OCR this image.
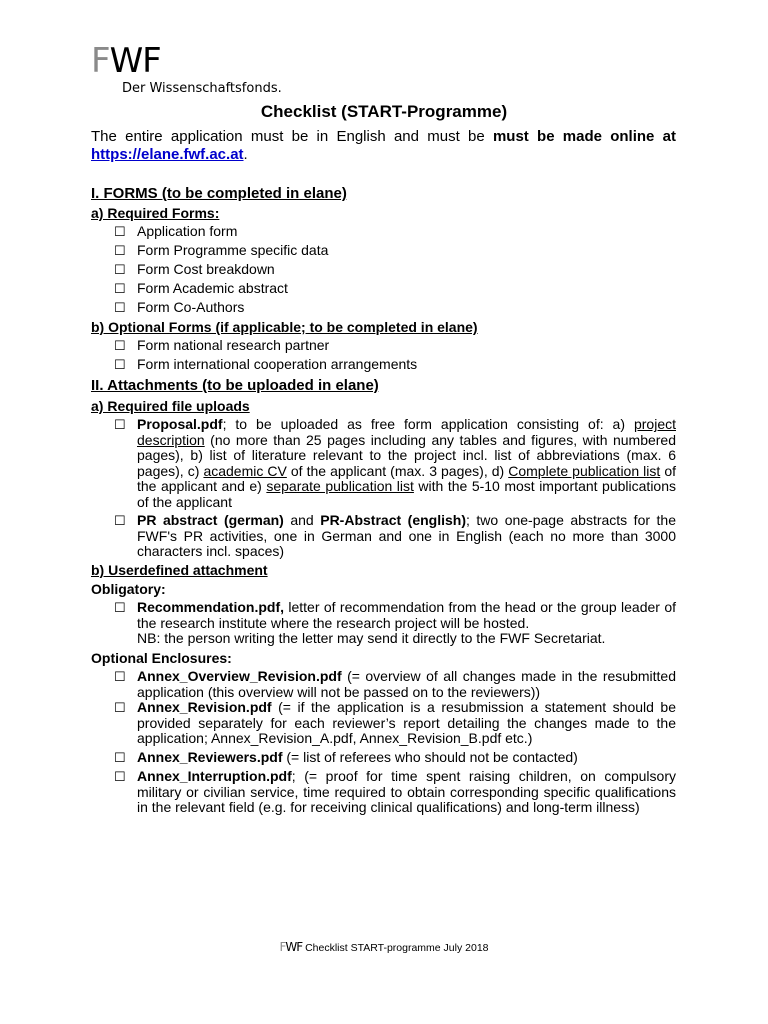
FWF
Der Wissenschaftsfonds.
Checklist (START-Programme)
The entire application must be in English and must be must be made online at https://elane.fwf.ac.at.
I. FORMS (to be completed in elane)
a) Required Forms:
☐ Application form
☐ Form Programme specific data
☐ Form Cost breakdown
☐ Form Academic abstract
☐ Form Co-Authors
b) Optional Forms (if applicable; to be completed in elane)
☐ Form national research partner
☐ Form international cooperation arrangements
II. Attachments (to be uploaded in elane)
a) Required file uploads
☐ Proposal.pdf; to be uploaded as free form application consisting of: a) project description (no more than 25 pages including any tables and figures, with numbered pages), b) list of literature relevant to the project incl. list of abbreviations (max. 6 pages), c) academic CV of the applicant (max. 3 pages), d) Complete publication list of the applicant and e) separate publication list with the 5-10 most important publications of the applicant
☐ PR abstract (german) and PR-Abstract (english); two one-page abstracts for the FWF's PR activities, one in German and one in English (each no more than 3000 characters incl. spaces)
b) Userdefined attachment
Obligatory:
☐ Recommendation.pdf, letter of recommendation from the head or the group leader of the research institute where the research project will be hosted.
NB: the person writing the letter may send it directly to the FWF Secretariat.
Optional Enclosures:
☐ Annex_Overview_Revision.pdf (= overview of all changes made in the resubmitted application (this overview will not be passed on to the reviewers))
☐ Annex_Revision.pdf (= if the application is a resubmission a statement should be provided separately for each reviewer’s report detailing the changes made to the application; Annex_Revision_A.pdf, Annex_Revision_B.pdf etc.)
☐ Annex_Reviewers.pdf (= list of referees who should not be contacted)
☐ Annex_Interruption.pdf; (= proof for time spent raising children, on compulsory military or civilian service, time required to obtain corresponding specific qualifications in the relevant field (e.g. for receiving clinical qualifications) and long-term illness)
FWF Checklist START-programme July 2018
